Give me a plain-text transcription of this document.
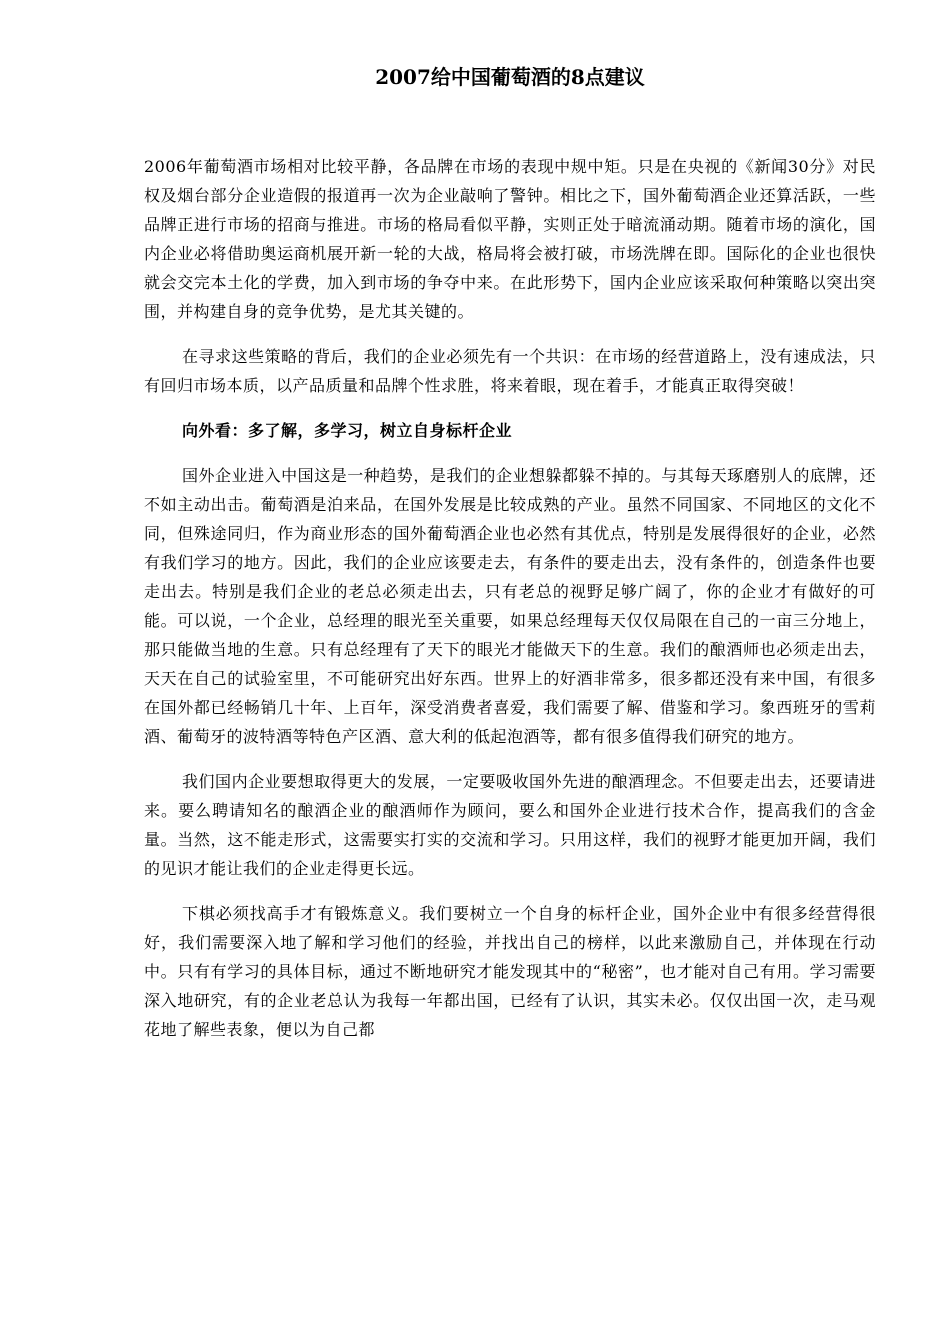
2007给中国葡萄酒的8点建议

2006年葡萄酒市场相对比较平静，各品牌在市场的表现中规中矩。只是在央视的《新闻30分》对民权及烟台部分企业造假的报道再一次为企业敲响了警钟。相比之下，国外葡萄酒企业还算活跃，一些品牌正进行市场的招商与推进。市场的格局看似平静，实则正处于暗流涌动期。随着市场的演化，国内企业必将借助奥运商机展开新一轮的大战，格局将会被打破，市场洗牌在即。国际化的企业也很快就会交完本土化的学费，加入到市场的争夺中来。在此形势下，国内企业应该采取何种策略以突出突围，并构建自身的竞争优势，是尤其关键的。

在寻求这些策略的背后，我们的企业必须先有一个共识：在市场的经营道路上，没有速成法，只有回归市场本质，以产品质量和品牌个性求胜，将来着眼，现在着手，才能真正取得突破！

向外看：多了解，多学习，树立自身标杆企业

国外企业进入中国这是一种趋势，是我们的企业想躲都躲不掉的。与其每天琢磨别人的底牌，还不如主动出击。葡萄酒是泊来品，在国外发展是比较成熟的产业。虽然不同国家、不同地区的文化不同，但殊途同归，作为商业形态的国外葡萄酒企业也必然有其优点，特别是发展得很好的企业，必然有我们学习的地方。因此，我们的企业应该要走去，有条件的要走出去，没有条件的，创造条件也要走出去。特别是我们企业的老总必须走出去，只有老总的视野足够广阔了，你的企业才有做好的可能。可以说，一个企业，总经理的眼光至关重要，如果总经理每天仅仅局限在自己的一亩三分地上，那只能做当地的生意。只有总经理有了天下的眼光才能做天下的生意。我们的酿酒师也必须走出去，天天在自己的试验室里，不可能研究出好东西。世界上的好酒非常多，很多都还没有来中国，有很多在国外都已经畅销几十年、上百年，深受消费者喜爱，我们需要了解、借鉴和学习。象西班牙的雪莉酒、葡萄牙的波特酒等特色产区酒、意大利的低起泡酒等，都有很多值得我们研究的地方。

我们国内企业要想取得更大的发展，一定要吸收国外先进的酿酒理念。不但要走出去，还要请进来。要么聘请知名的酿酒企业的酿酒师作为顾问，要么和国外企业进行技术合作，提高我们的含金量。当然，这不能走形式，这需要实打实的交流和学习。只用这样，我们的视野才能更加开阔，我们的见识才能让我们的企业走得更长远。

下棋必须找高手才有锻炼意义。我们要树立一个自身的标杆企业，国外企业中有很多经营得很好，我们需要深入地了解和学习他们的经验，并找出自己的榜样，以此来激励自己，并体现在行动中。只有有学习的具体目标，通过不断地研究才能发现其中的“秘密”，也才能对自己有用。学习需要深入地研究，有的企业老总认为我每一年都出国，已经有了认识，其实未必。仅仅出国一次，走马观花地了解些表象，便以为自己都
